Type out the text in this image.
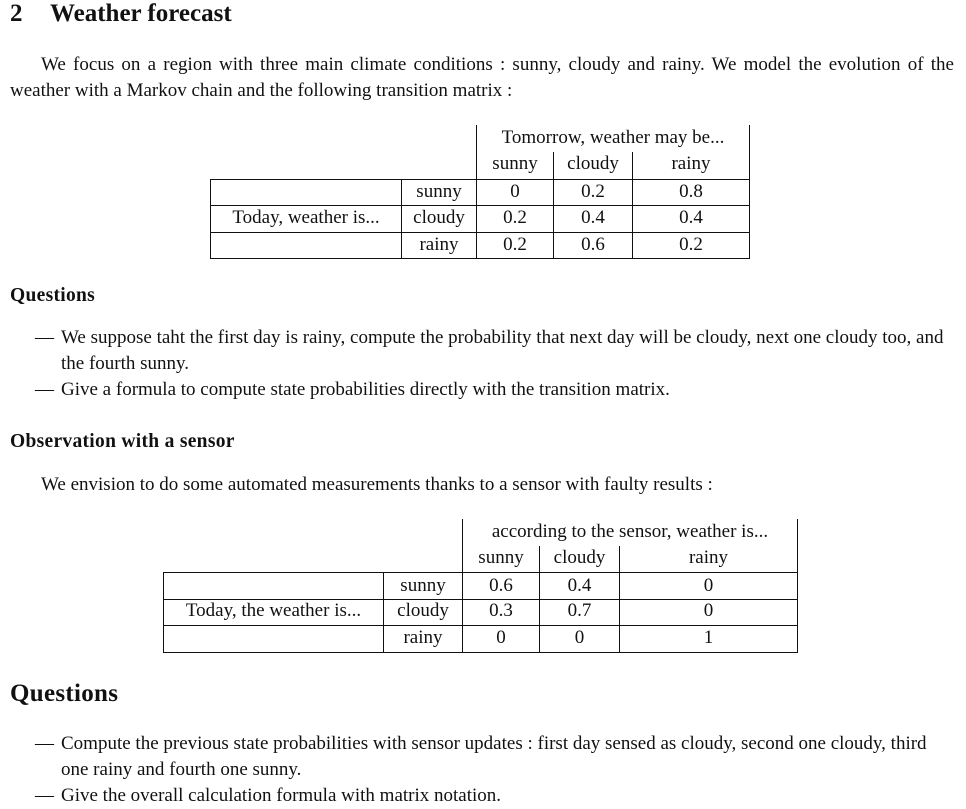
2 Weather forecast
We focus on a region with three main climate conditions : sunny, cloudy and rainy. We model the evolution of the weather with a Markov chain and the following transition matrix :
Tomorrow, weather may be...
sunny	cloudy	rainy
Today, weather is...
sunny	0	0.2	0.8
cloudy	0.2	0.4	0.4
rainy	0.2	0.6	0.2
Questions
— We suppose taht the first day is rainy, compute the probability that next day will be cloudy, next one cloudy too, and the fourth sunny.
— Give a formula to compute state probabilities directly with the transition matrix.
Observation with a sensor
We envision to do some automated measurements thanks to a sensor with faulty results :
according to the sensor, weather is...
sunny	cloudy	rainy
Today, the weather is...
sunny	0.6	0.4	0
cloudy	0.3	0.7	0
rainy	0	0	1
Questions
— Compute the previous state probabilities with sensor updates : first day sensed as cloudy, second one cloudy, third one rainy and fourth one sunny.
— Give the overall calculation formula with matrix notation.
